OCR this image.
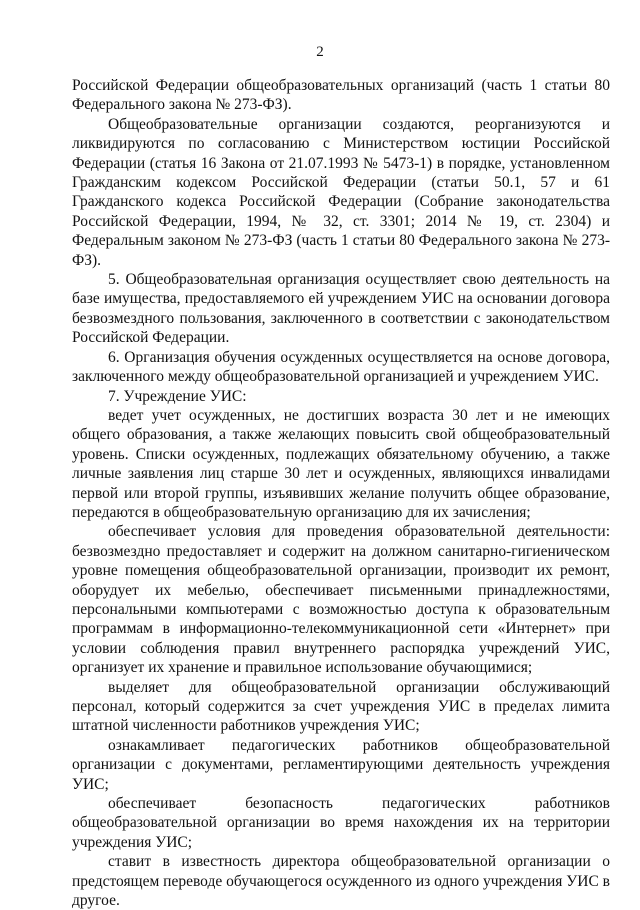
2

Российской Федерации общеобразовательных организаций (часть 1 статьи 80 Федерального закона № 273-ФЗ).

Общеобразовательные организации создаются, реорганизуются и ликвидируются по согласованию с Министерством юстиции Российской Федерации (статья 16 Закона от 21.07.1993 № 5473-1) в порядке, установленном Гражданским кодексом Российской Федерации (статьи 50.1, 57 и 61 Гражданского кодекса Российской Федерации (Собрание законодательства Российской Федерации, 1994, № 32, ст. 3301; 2014 № 19, ст. 2304) и Федеральным законом № 273-ФЗ (часть 1 статьи 80 Федерального закона № 273-ФЗ).

5. Общеобразовательная организация осуществляет свою деятельность на базе имущества, предоставляемого ей учреждением УИС на основании договора безвозмездного пользования, заключенного в соответствии с законодательством Российской Федерации.

6. Организация обучения осужденных осуществляется на основе договора, заключенного между общеобразовательной организацией и учреждением УИС.

7. Учреждение УИС:

ведет учет осужденных, не достигших возраста 30 лет и не имеющих общего образования, а также желающих повысить свой общеобразовательный уровень. Списки осужденных, подлежащих обязательному обучению, а также личные заявления лиц старше 30 лет и осужденных, являющихся инвалидами первой или второй группы, изъявивших желание получить общее образование, передаются в общеобразовательную организацию для их зачисления;

обеспечивает условия для проведения образовательной деятельности: безвозмездно предоставляет и содержит на должном санитарно-гигиеническом уровне помещения общеобразовательной организации, производит их ремонт, оборудует их мебелью, обеспечивает письменными принадлежностями, персональными компьютерами с возможностью доступа к образовательным программам в информационно-телекоммуникационной сети «Интернет» при условии соблюдения правил внутреннего распорядка учреждений УИС, организует их хранение и правильное использование обучающимися;

выделяет для общеобразовательной организации обслуживающий персонал, который содержится за счет учреждения УИС в пределах лимита штатной численности работников учреждения УИС;

ознакамливает педагогических работников общеобразовательной организации с документами, регламентирующими деятельность учреждения УИС;

обеспечивает безопасность педагогических работников общеобразовательной организации во время нахождения их на территории учреждения УИС;

ставит в известность директора общеобразовательной организации о предстоящем переводе обучающегося осужденного из одного учреждения УИС в другое.
